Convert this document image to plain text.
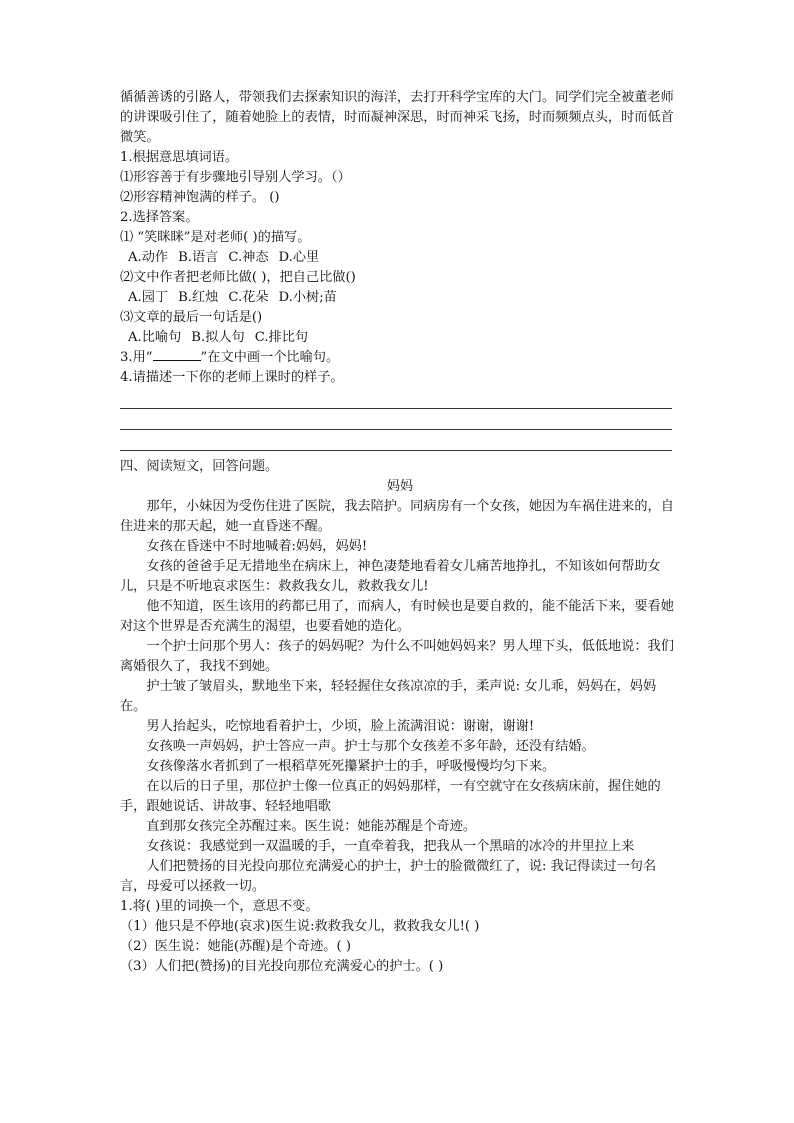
循循善诱的引路人，带领我们去探索知识的海洋，去打开科学宝库的大门。同学们完全被董老师的讲课吸引住了，随着她脸上的表情，时而凝神深思，时而神采飞扬，时而频频点头，时而低首微笑。

1.根据意思填词语。

⑴形容善于有步骤地引导别人学习。（）

⑵形容精神饱满的样子。 ()

2.选择答案。

⑴ “笑眯眯”是对老师( )的描写。

A.动作 B.语言 C.神态 D.心里

⑵文中作者把老师比做( )，把自己比做()

A.园丁 B.红烛 C.花朵 D.小树;苗

⑶文章的最后一句话是()

A.比喻句 B.拟人句 C.排比句

3.用“	”在文中画一个比喻句。

4.请描述一下你的老师上课时的样子。

四、阅读短文，回答问题。

妈妈

那年，小妹因为受伤住进了医院，我去陪护。同病房有一个女孩，她因为车祸住进来的，自住进来的那天起，她一直昏迷不醒。

女孩在昏迷中不时地喊着:妈妈，妈妈!

女孩的爸爸手足无措地坐在病床上，神色凄楚地看着女儿痛苦地挣扎，不知该如何帮助女儿，只是不听地哀求医生：救救我女儿，救救我女儿!

他不知道，医生该用的药都已用了，而病人，有时候也是要自救的，能不能活下来，要看她对这个世界是否充满生的渴望，也要看她的造化。

一个护士问那个男人：孩子的妈妈呢？为什么不叫她妈妈来？男人埋下头，低低地说：我们离婚很久了，我找不到她。

护士皱了皱眉头，默地坐下来，轻轻握住女孩凉凉的手，柔声说: 女儿乖，妈妈在，妈妈在。

男人抬起头，吃惊地看着护士，少顷，脸上流满泪说：谢谢，谢谢!

女孩唤一声妈妈，护士答应一声。护士与那个女孩差不多年龄，还没有结婚。

女孩像落水者抓到了一根稻草死死攥紧护士的手，呼吸慢慢均匀下来。

在以后的日子里，那位护士像一位真正的妈妈那样，一有空就守在女孩病床前，握住她的手，跟她说话、讲故事、轻轻地唱歌

直到那女孩完全苏醒过来。医生说：她能苏醒是个奇迹。

女孩说：我感觉到一双温暖的手，一直牵着我，把我从一个黑暗的冰冷的井里拉上来

人们把赞扬的目光投向那位充满爱心的护士，护士的脸微微红了，说: 我记得读过一句名言，母爱可以拯救一切。

1.将( )里的词换一个，意思不变。

（1）他只是不停地(哀求)医生说:救救我女儿，救救我女儿!( )

（2）医生说：她能(苏醒)是个奇迹。( )

（3）人们把(赞扬)的目光投向那位充满爱心的护士。( )
